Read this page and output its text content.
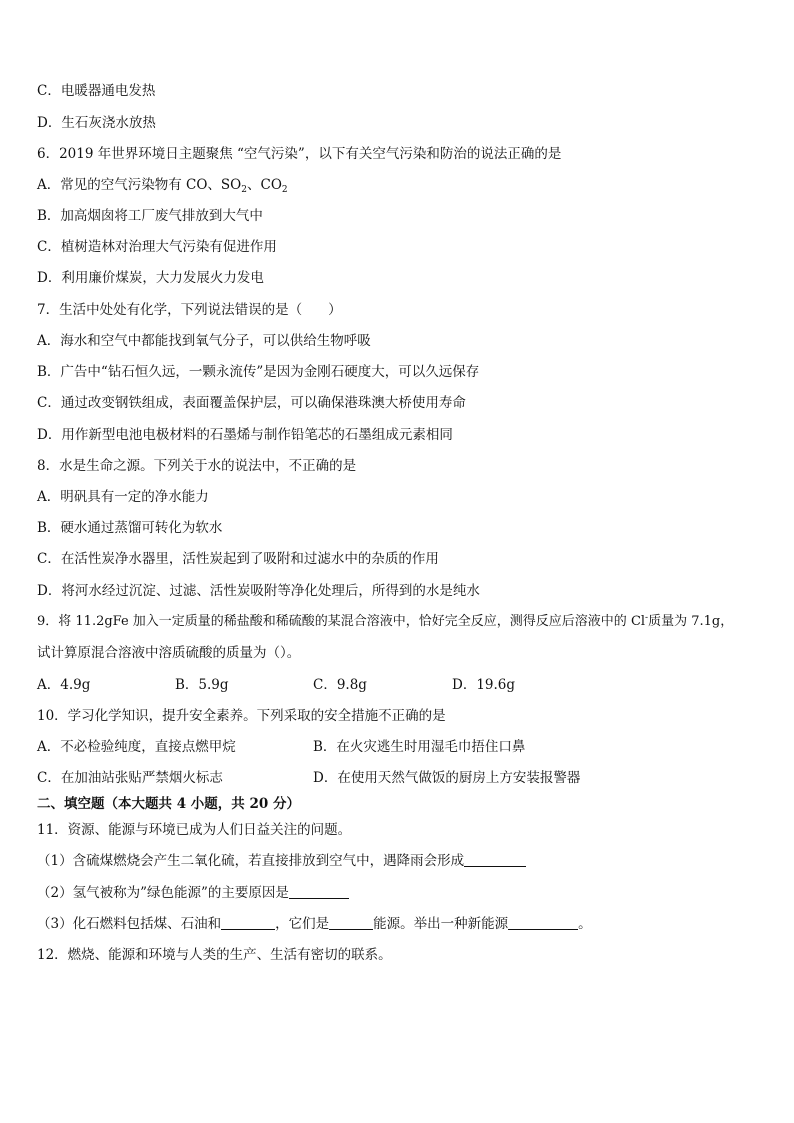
C．电暖器通电发热
D．生石灰浇水放热
6．2019 年世界环境日主题聚焦 “空气污染”，以下有关空气污染和防治的说法正确的是
A．常见的空气污染物有 CO、$SO_2$、$CO_2$
B．加高烟囱将工厂废气排放到大气中
C．植树造林对治理大气污染有促进作用
D．利用廉价煤炭，大力发展火力发电
7．生活中处处有化学，下列说法错误的是（ ）
A．海水和空气中都能找到氧气分子，可以供给生物呼吸
B．广告中“钻石恒久远，一颗永流传”是因为金刚石硬度大，可以久远保存
C．通过改变钢铁组成，表面覆盖保护层，可以确保港珠澳大桥使用寿命
D．用作新型电池电极材料的石墨烯与制作铅笔芯的石墨组成元素相同
8．水是生命之源。下列关于水的说法中，不正确的是
A．明矾具有一定的净水能力
B．硬水通过蒸馏可转化为软水
C．在活性炭净水器里，活性炭起到了吸附和过滤水中的杂质的作用
D．将河水经过沉淀、过滤、活性炭吸附等净化处理后，所得到的水是纯水
9．将 11.2gFe 加入一定质量的稀盐酸和稀硫酸的某混合溶液中，恰好完全反应，测得反应后溶液中的 Cl-质量为 7.1g，
试计算原混合溶液中溶质硫酸的质量为（）。
A．4.9g	B．5.9g	C．9.8g	D．19.6g
10．学习化学知识，提升安全素养。下列采取的安全措施不正确的是
A．不必检验纯度，直接点燃甲烷	B．在火灾逃生时用湿毛巾捂住口鼻
C．在加油站张贴严禁烟火标志	D．在使用天然气做饭的厨房上方安装报警器
二、填空题（本大题共 4 小题，共 20 分）
11．资源、能源与环境已成为人们日益关注的问题。
（1）含硫煤燃烧会产生二氧化硫，若直接排放到空气中，遇降雨会形成
（2）氢气被称为”绿色能源”的主要原因是
（3）化石燃料包括煤、石油和	，它们是	能源。举出一种新能源	。
12．燃烧、能源和环境与人类的生产、生活有密切的联系。
